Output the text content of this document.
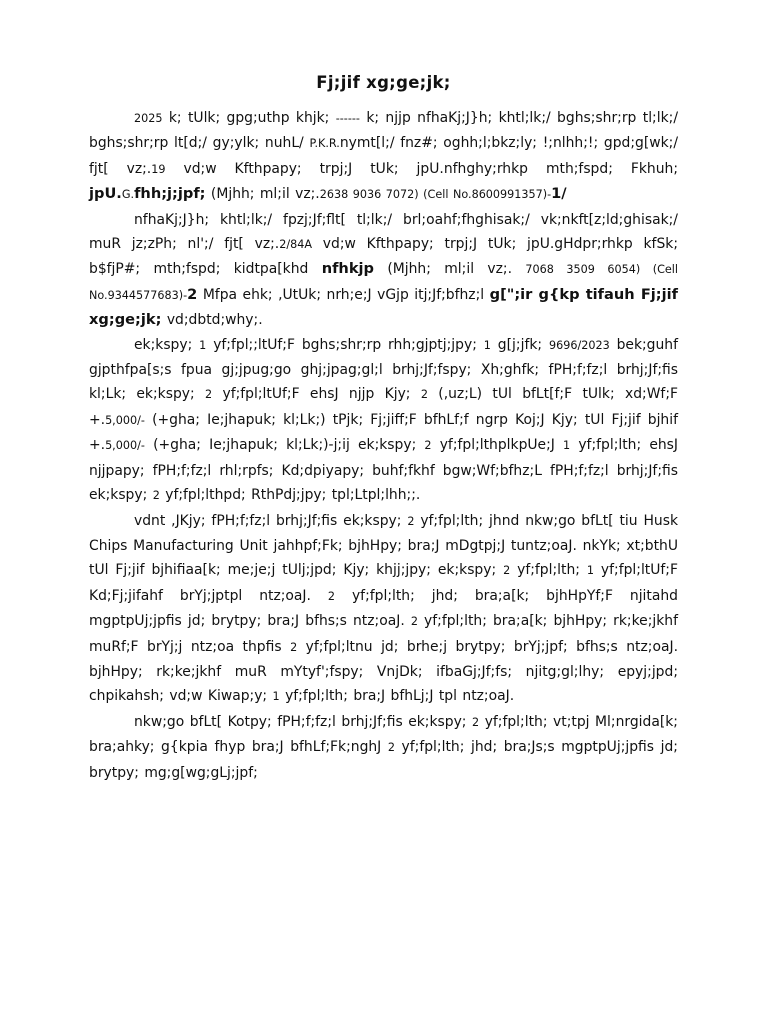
Fj;jif xg;ge;jk;

2025 k; tUlk; gpg;uthp khjk; ------ k; njjp nfhaKj;J}h; khtl;lk;/ bghs;shr;rp tl;lk;/ bghs;shr;rp lt[d;/ gy;ylk; nuhL/ P.K.R.nymt[l;/ fnz#; oghh;l;bkz;ly; !;nlhh;!; gpd;g[wk;/ fjt[ vz;.19 vd;w Kfthpapy; trpj;J tUk; jpU.nfhghy;rhkp mth;fspd; Fkhuh; jpU.G.fhh;j;jpf; (Mjhh; ml;il vz;.2638 9036 7072) (Cell No.8600991357)-1/

nfhaKj;J}h; khtl;lk;/ fpzj;Jf;flt[ tl;lk;/ brl;oahf;fhghisak;/ vk;nkft[z;ld;ghisak;/ muR jz;zPh; nl';/ fjt[ vz;.2/84A vd;w Kfthpapy; trpj;J tUk; jpU.gHdpr;rhkp kfSk; b$fjP#; mth;fspd; kidtpa[khd nfhkjp (Mjhh; ml;il vz;. 7068 3509 6054) (Cell No.9344577683)-2 Mfpa ehk; ,UtUk; nrh;e;J vGjp itj;Jf;bfhz;l g[";ir g{kp tifauh Fj;jif xg;ge;jk; vd;dbtd;why;.

ek;kspy; 1 yf;fpl;;ltUf;F bghs;shr;rp rhh;gjptj;jpy; 1 g[j;jfk; 9696/2023 bek;guhf gjpthfpa[s;s fpua gj;jpug;go ghj;jpag;gl;l brhj;Jf;fspy; Xh;ghfk; fPH;f;fz;l brhj;Jf;fis kl;Lk; ek;kspy; 2 yf;fpl;ltUf;F ehsJ njjp Kjy; 2 (,uz;L) tUl bfLt[f;F tUlk; xd;Wf;F +.5,000/- (+gha; Ie;jhapuk; kl;Lk;) tPjk; Fj;jiff;F bfhLf;f ngrp Koj;J Kjy; tUl Fj;jif bjhif +.5,000/- (+gha; Ie;jhapuk; kl;Lk;)-j;ij ek;kspy; 2 yf;fpl;lthplkpUe;J 1 yf;fpl;lth; ehsJ njjpapy; fPH;f;fz;l rhl;rpfs; Kd;dpiyapy; buhf;fkhf bgw;Wf;bfhz;L fPH;f;fz;l brhj;Jf;fis ek;kspy; 2 yf;fpl;lthpd; RthPdj;jpy; tpl;Ltpl;lhh;;.

vdnt ,JKjy; fPH;f;fz;l brhj;Jf;fis ek;kspy; 2 yf;fpl;lth; jhnd nkw;go bfLt[ tiu Husk Chips Manufacturing Unit jahhpf;Fk; bjhHpy; bra;J mDgtpj;J tuntz;oaJ. nkYk; xt;bthU tUl Fj;jif bjhifiaa[k; me;je;j tUlj;jpd; Kjy; khjj;jpy; ek;kspy; 2 yf;fpl;lth; 1 yf;fpl;ltUf;F Kd;Fj;jifahf brYj;jptpl ntz;oaJ. 2 yf;fpl;lth; jhd; bra;a[k; bjhHpYf;F njitahd mgptpUj;jpfis jd; brytpy; bra;J bfhs;s ntz;oaJ. 2 yf;fpl;lth; bra;a[k; bjhHpy; rk;ke;jkhf muRf;F brYj;j ntz;oa thpfis 2 yf;fpl;ltnu jd; brhe;j brytpy; brYj;jpf; bfhs;s ntz;oaJ. bjhHpy; rk;ke;jkhf muR mYtyf';fspy; VnjDk; ifbaGj;Jf;fs; njitg;gl;lhy; epyj;jpd; chpikahsh; vd;w Kiwap;y; 1 yf;fpl;lth; bra;J bfhLj;J tpl ntz;oaJ.

nkw;go bfLt[ Kotpy; fPH;f;fz;l brhj;Jf;fis ek;kspy; 2 yf;fpl;lth; vt;tpj Ml;nrgida[k; bra;ahky; g{kpia fhyp bra;J bfhLf;Fk;nghJ 2 yf;fpl;lth; jhd; bra;Js;s mgptpUj;jpfis jd; brytpy; mg;g[wg;gLj;jpf;
